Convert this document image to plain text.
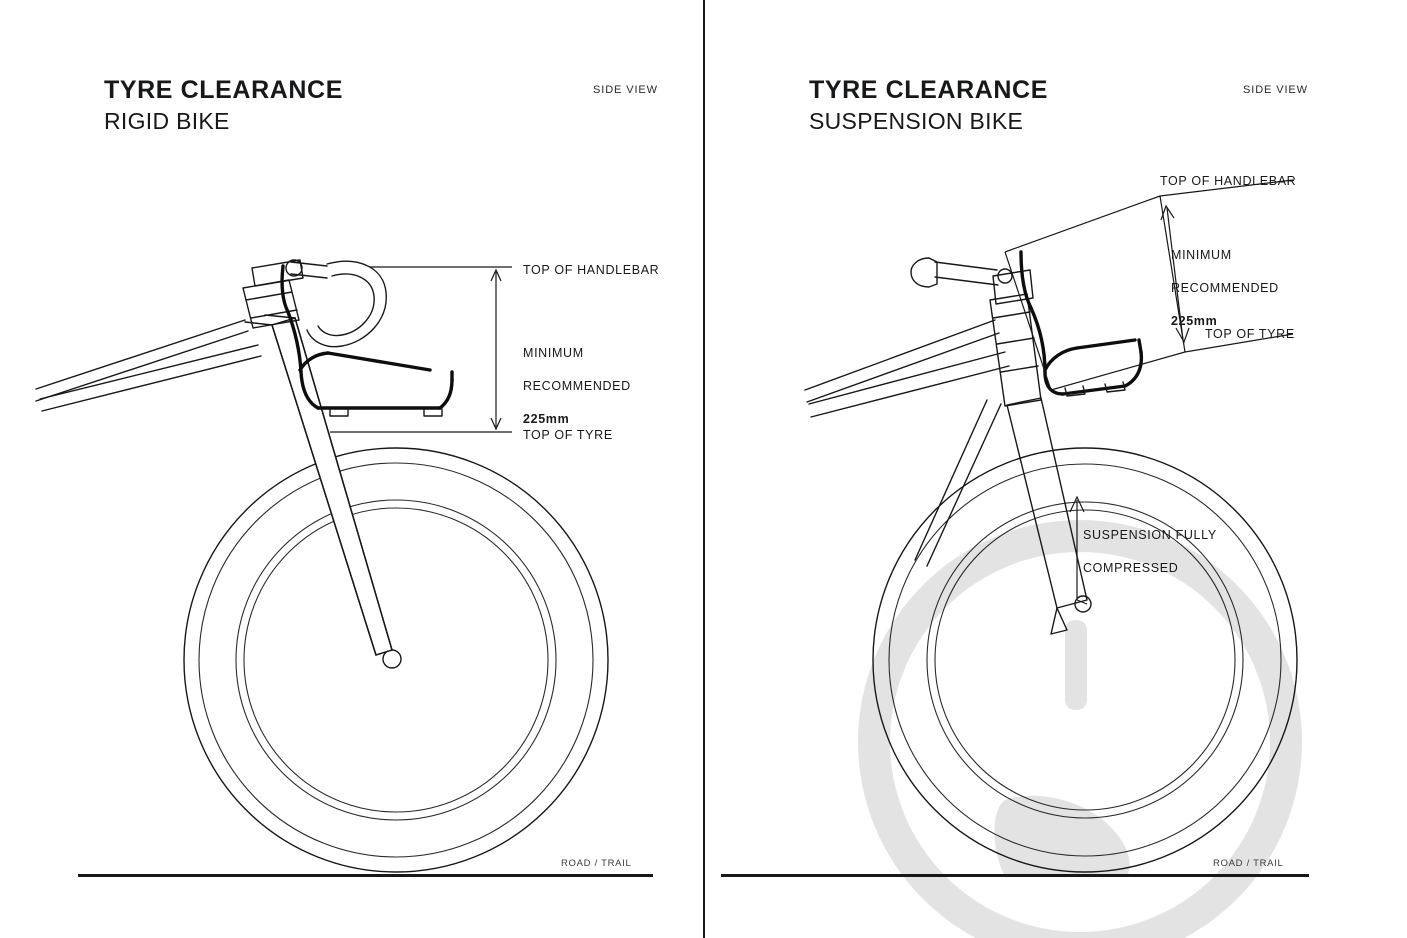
TYRE CLEARANCE
RIGID BIKE
SIDE VIEW
TOP OF HANDLEBAR

MINIMUM

RECOMMENDED

225mm

TOP OF TYRE
ROAD / TRAIL
TYRE CLEARANCE
SUSPENSION BIKE
SIDE VIEW
TOP OF HANDLEBAR

MINIMUM

RECOMMENDED

225mm

TOP OF TYRE

SUSPENSION FULLY

COMPRESSED

ROAD / TRAIL
